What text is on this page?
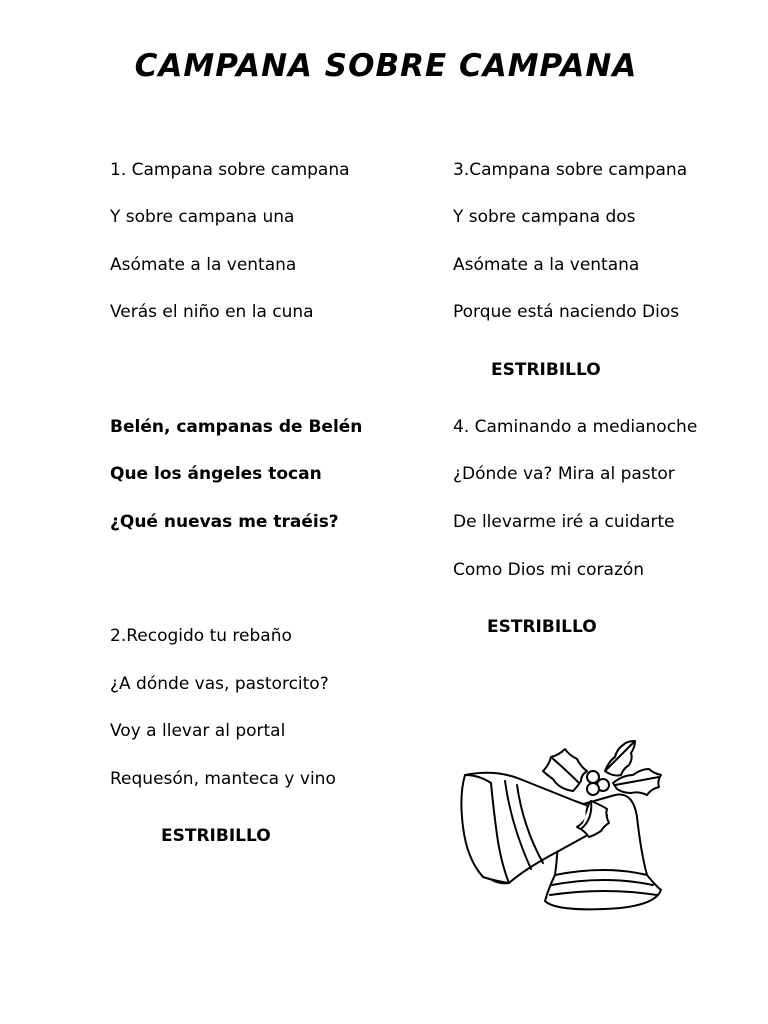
CAMPANA SOBRE CAMPANA
1. Campana sobre campana
Y sobre campana una
Asómate a la ventana
Verás el niño en la cuna
Belén, campanas de Belén
Que los ángeles tocan
¿Qué nuevas me traéis?
2.Recogido tu rebaño
¿A dónde vas, pastorcito?
Voy a llevar al portal
Requesón, manteca y vino
ESTRIBILLO
3.Campana sobre campana
Y sobre campana dos
Asómate a la ventana
Porque está naciendo Dios
ESTRIBILLO
4. Caminando a medianoche
¿Dónde va? Mira al pastor
De llevarme iré a cuidarte
Como Dios mi corazón
ESTRIBILLO
